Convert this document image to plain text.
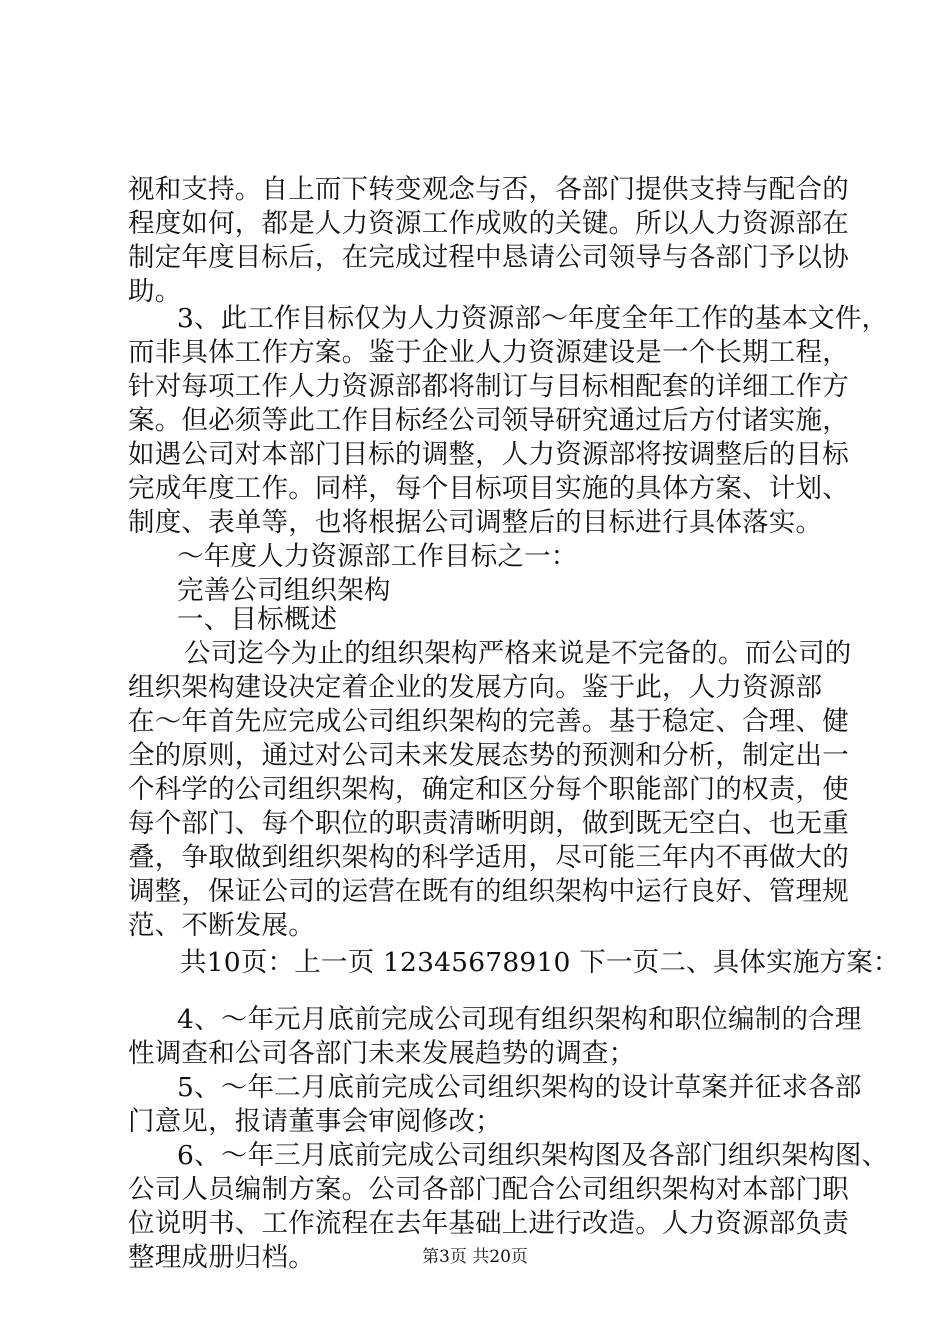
视和支持。自上而下转变观念与否，各部门提供支持与配合的
程度如何，都是人力资源工作成败的关键。所以人力资源部在
制定年度目标后，在完成过程中恳请公司领导与各部门予以协
助。
3、此工作目标仅为人力资源部～年度全年工作的基本文件，
而非具体工作方案。鉴于企业人力资源建设是一个长期工程，
针对每项工作人力资源部都将制订与目标相配套的详细工作方
案。但必须等此工作目标经公司领导研究通过后方付诸实施，
如遇公司对本部门目标的调整，人力资源部将按调整后的目标
完成年度工作。同样，每个目标项目实施的具体方案、计划、
制度、表单等，也将根据公司调整后的目标进行具体落实。
～年度人力资源部工作目标之一：
完善公司组织架构
一、目标概述
公司迄今为止的组织架构严格来说是不完备的。而公司的
组织架构建设决定着企业的发展方向。鉴于此，人力资源部
在～年首先应完成公司组织架构的完善。基于稳定、合理、健
全的原则，通过对公司未来发展态势的预测和分析，制定出一
个科学的公司组织架构，确定和区分每个职能部门的权责，使
每个部门、每个职位的职责清晰明朗，做到既无空白、也无重
叠，争取做到组织架构的科学适用，尽可能三年内不再做大的
调整，保证公司的运营在既有的组织架构中运行良好、管理规
范、不断发展。
共10页：上一页 12345678910 下一页二、具体实施方案：
4、～年元月底前完成公司现有组织架构和职位编制的合理
性调查和公司各部门未来发展趋势的调查；
5、～年二月底前完成公司组织架构的设计草案并征求各部
门意见，报请董事会审阅修改；
6、～年三月底前完成公司组织架构图及各部门组织架构图、
公司人员编制方案。公司各部门配合公司组织架构对本部门职
位说明书、工作流程在去年基础上进行改造。人力资源部负责
整理成册归档。	第3页 共20页
